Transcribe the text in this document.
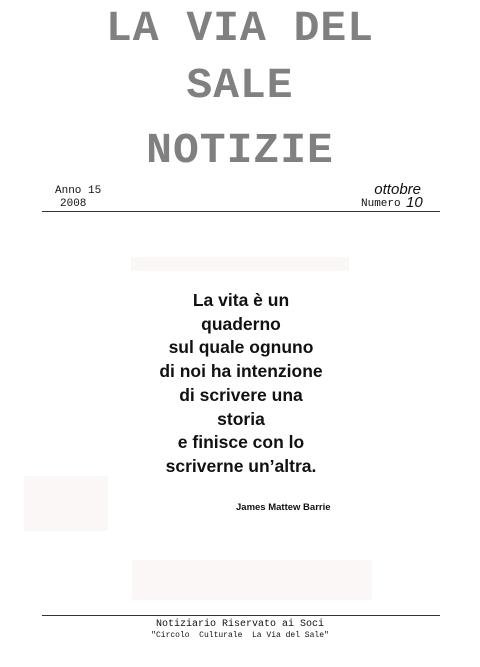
LA VIA DEL
SALE
NOTIZIE
Anno 15
2008
ottobre
Numero 10
La vita è un
quaderno
sul quale ognuno
di noi ha intenzione
di scrivere una
storia
e finisce con lo
scriverne un’altra.
James Mattew Barrie
Notiziario Riservato ai Soci
"Circolo  Culturale  La Via del Sale"
